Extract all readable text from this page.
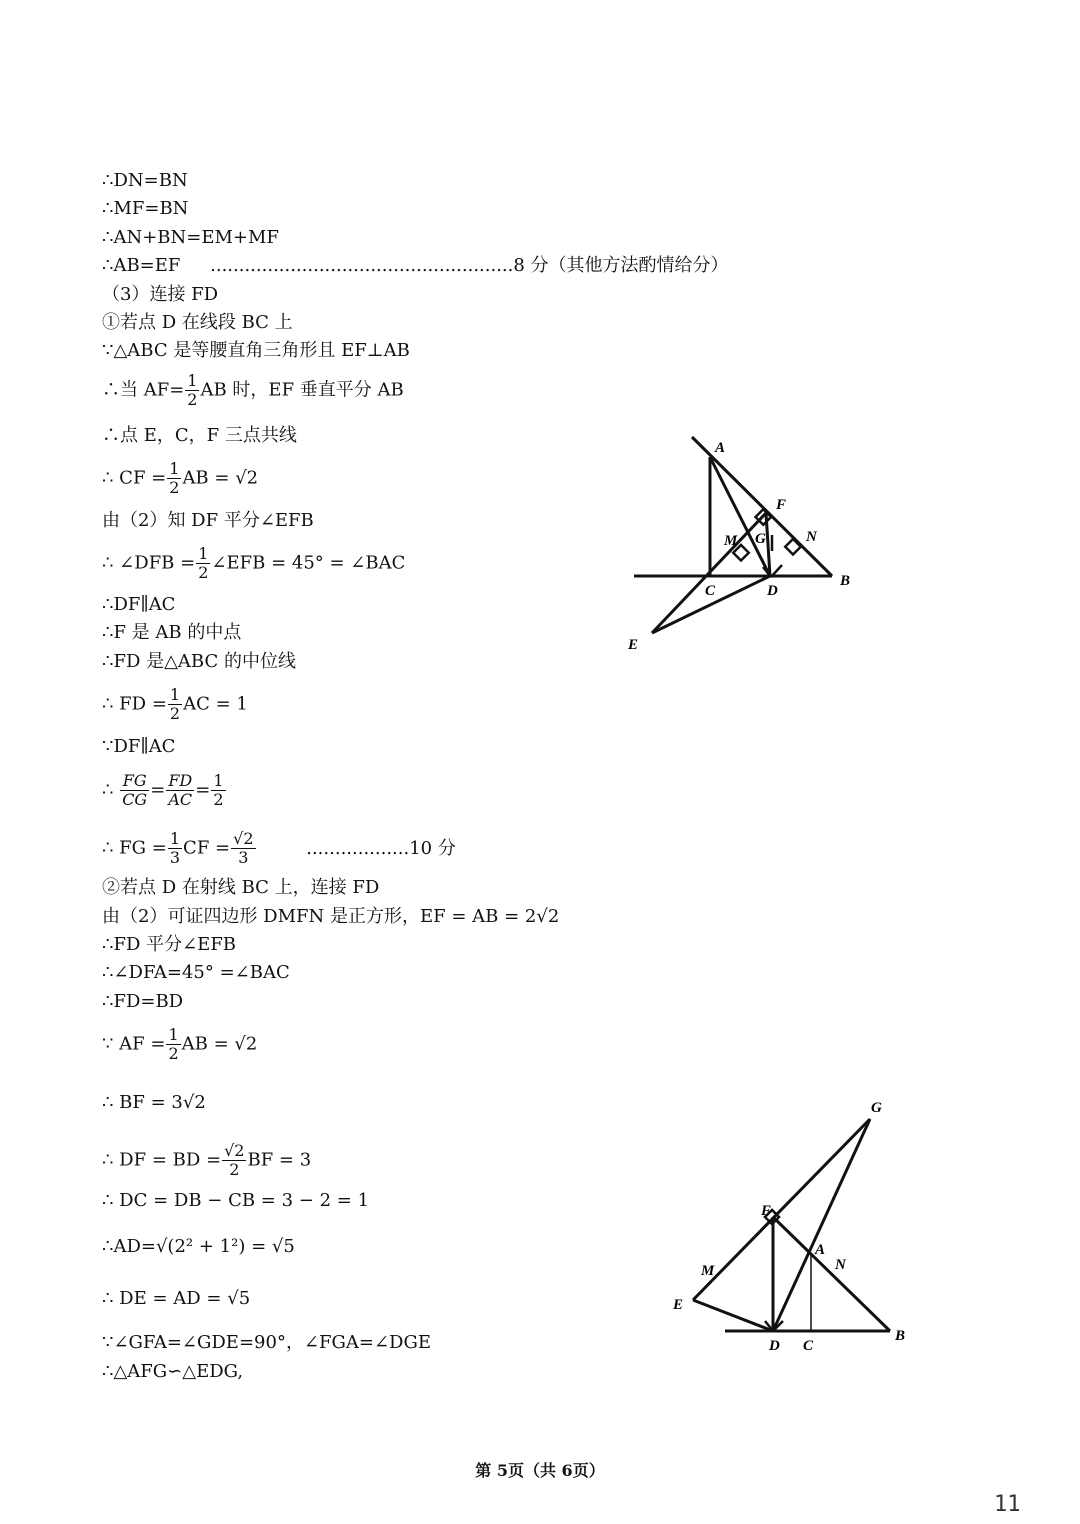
∴DN=BN
∴MF=BN
∴AN+BN=EM+MF
∴AB=EF .....................................................8 分（其他方法酌情给分）
（3）连接 FD
①若点 D 在线段 BC 上
∵△ABC 是等腰直角三角形且 EF⊥AB
∴当 $AF= \frac{1}{2}$ AB 时，EF 垂直平分 AB
∴点 E，C，F 三点共线
∴ CF = $\frac{1}{2}$ AB = √2
由（2）知 DF 平分∠EFB
∴ ∠DFB = $\frac{1}{2}$ ∠EFB = 45° = ∠BAC
∴DF∥AC
∴F 是 AB 的中点
∴FD 是△ABC 的中位线
∴ FD = $\frac{1}{2}$ AC = 1
∵DF∥AC
∴ $\frac{FG}{CG} = \frac{FD}{AC} = \frac{1}{2}$
∴ FG = $\frac{1}{3}$ CF = $\frac{√2}{3}$	..................10 分
②若点 D 在射线 BC 上，连接 FD
由（2）可证四边形 DMFN 是正方形，EF = AB = 2√2
∴FD 平分∠EFB
∴∠DFA=45° =∠BAC
∴FD=BD
∵ AF = $\frac{1}{2}$ AB = √2
∴ BF = 3√2
∴ DF = BD = $\frac{√2}{2}$ BF = 3
∴ DC = DB − CB = 3 − 2 = 1
∴AD=√(2² + 1²) = √5
∴ DE = AD = √5
∵∠GFA=∠GDE=90°，∠FGA=∠DGE
∴△AFG∽△EDG,
A
F
N
M G
B
C	D
E
G
F
A
N
M
E
D C
B
第 5页（共 6页）
11
